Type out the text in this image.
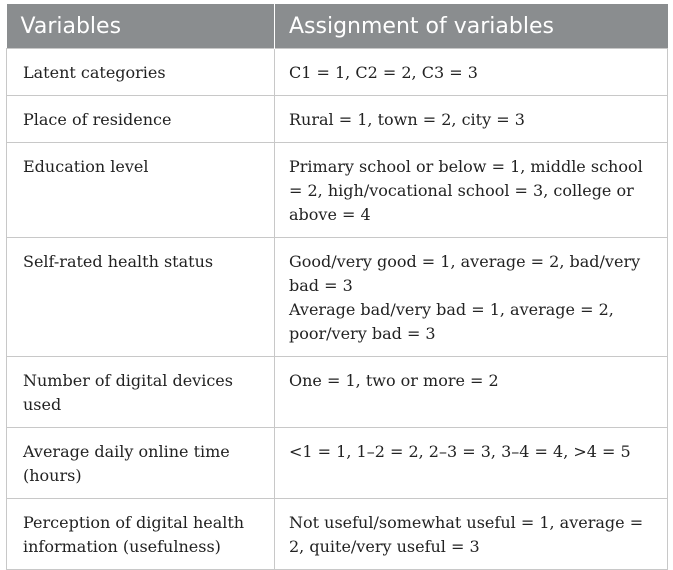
Variables	Assignment of variables
Latent categories	C1 = 1, C2 = 2, C3 = 3

Place of residence	Rural = 1, town = 2, city = 3

Education level	Primary school or below = 1, middle school = 2, high/vocational school = 3, college or above = 4

Self-rated health status	Good/very good = 1, average = 2, bad/very bad = 3
Average bad/very bad = 1, average = 2, poor/very bad = 3

Number of digital devices used	One = 1, two or more = 2

Average daily online time (hours)	<1 = 1, 1–2 = 2, 2–3 = 3, 3–4 = 4, >4 = 5

Perception of digital health information (usefulness)	Not useful/somewhat useful = 1, average = 2, quite/very useful = 3
